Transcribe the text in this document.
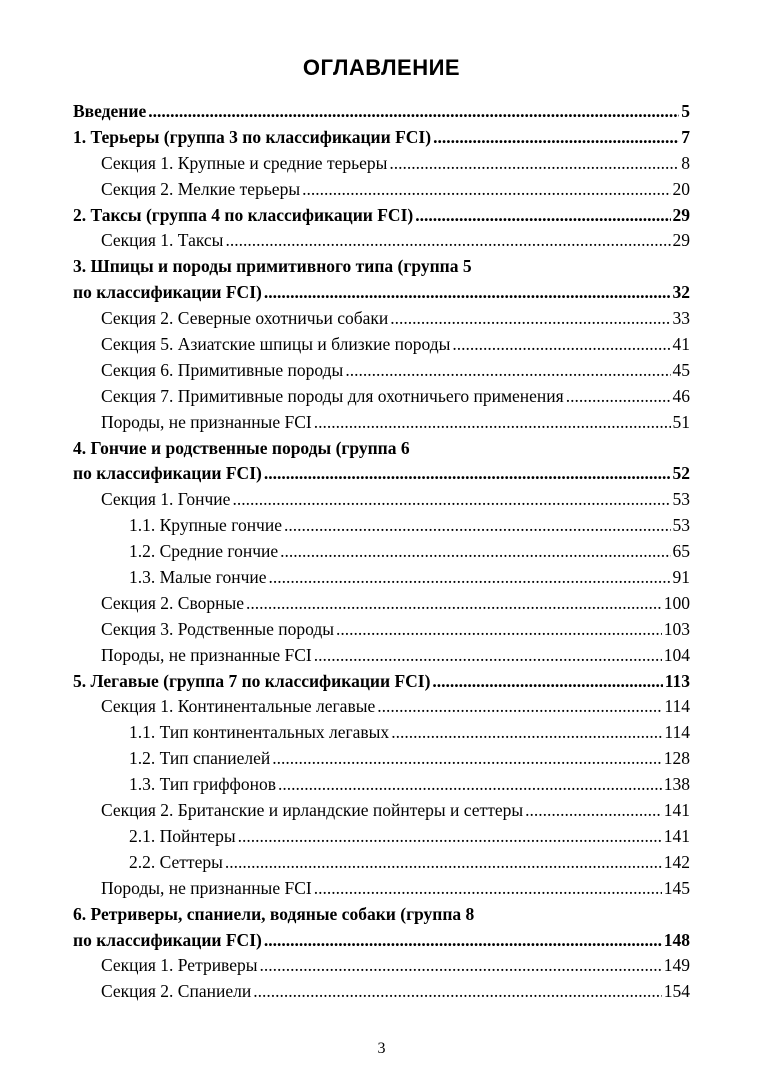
ОГЛАВЛЕНИЕ
Введение .....	5
1. Терьеры (группа 3 по классификации FCI) .....	7
Секция 1. Крупные и средние терьеры .....	8
Секция 2. Мелкие терьеры .....	20
2. Таксы (группа 4 по классификации FCI) .....	29
Секция 1. Таксы .....	29
3. Шпицы и породы примитивного типа (группа 5
по классификации FCI) .....	32
Секция 2. Северные охотничьи собаки .....	33
Секция 5. Азиатские шпицы и близкие породы .....	41
Секция 6. Примитивные породы .....	45
Секция 7. Примитивные породы для охотничьего применения .....	46
Породы, не признанные FCI .....	51
4. Гончие и родственные породы (группа 6
по классификации FCI) .....	52
Секция 1. Гончие .....	53
1.1. Крупные гончие .....	53
1.2. Средние гончие .....	65
1.3. Малые гончие .....	91
Секция 2. Сворные .....	100
Секция 3. Родственные породы .....	103
Породы, не признанные FCI .....	104
5. Легавые (группа 7 по классификации FCI) .....	113
Секция 1. Континентальные легавые .....	114
1.1. Тип континентальных легавых .....	114
1.2. Тип спаниелей .....	128
1.3. Тип гриффонов .....	138
Секция 2. Британские и ирландские пойнтеры и сеттеры .....	141
2.1. Пойнтеры .....	141
2.2. Сеттеры .....	142
Породы, не признанные FCI .....	145
6. Ретриверы, спаниели, водяные собаки (группа 8
по классификации FCI) .....	148
Секция 1. Ретриверы .....	149
Секция 2. Спаниели .....	154
3
